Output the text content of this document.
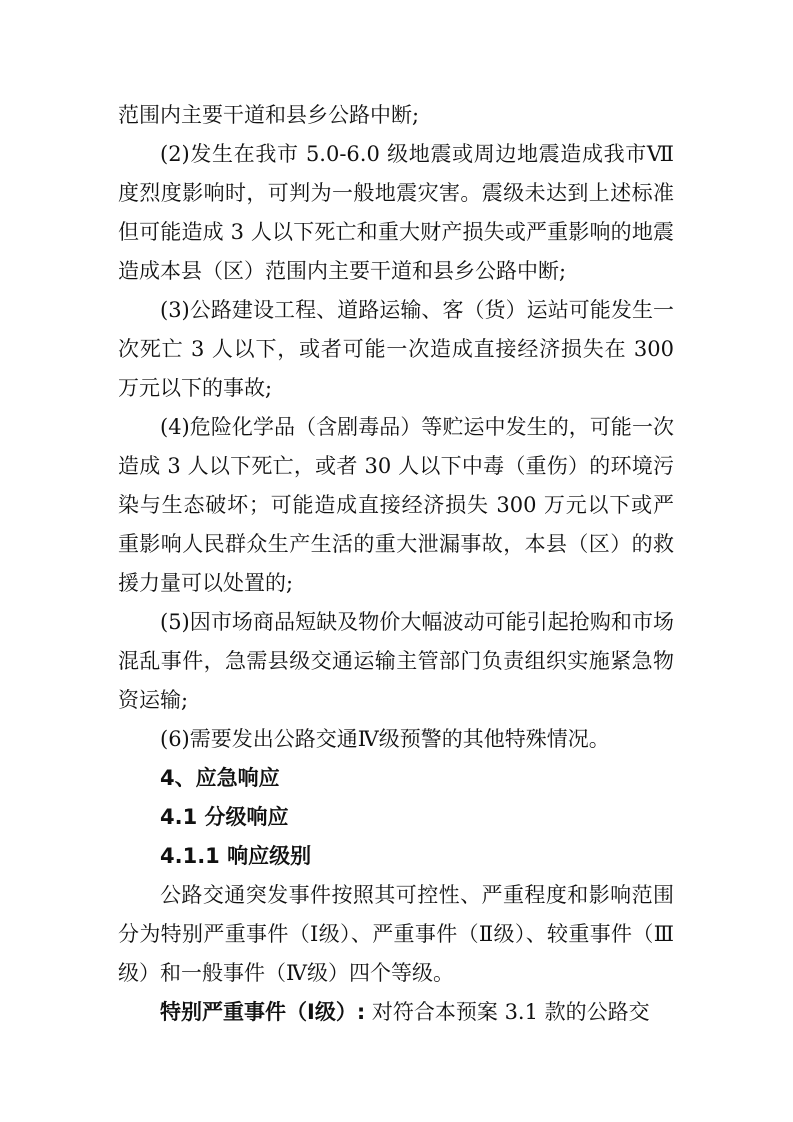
范围内主要干道和县乡公路中断;

(2)发生在我市 5.0-6.0 级地震或周边地震造成我市Ⅶ度烈度影响时，可判为一般地震灾害。震级未达到上述标准但可能造成 3 人以下死亡和重大财产损失或严重影响的地震造成本县（区）范围内主要干道和县乡公路中断;

(3)公路建设工程、道路运输、客（货）运站可能发生一次死亡 3 人以下，或者可能一次造成直接经济损失在 300 万元以下的事故;

(4)危险化学品（含剧毒品）等贮运中发生的，可能一次造成 3 人以下死亡，或者 30 人以下中毒（重伤）的环境污染与生态破坏；可能造成直接经济损失 300 万元以下或严重影响人民群众生产生活的重大泄漏事故，本县（区）的救援力量可以处置的;

(5)因市场商品短缺及物价大幅波动可能引起抢购和市场混乱事件，急需县级交通运输主管部门负责组织实施紧急物资运输;

(6)需要发出公路交通Ⅳ级预警的其他特殊情况。

4、应急响应

4.1 分级响应

4.1.1 响应级别

公路交通突发事件按照其可控性、严重程度和影响范围分为特别严重事件（Ⅰ级）、严重事件（Ⅱ级）、较重事件（Ⅲ级）和一般事件（Ⅳ级）四个等级。

特别严重事件（Ⅰ级）: 对符合本预案 3.1 款的公路交
